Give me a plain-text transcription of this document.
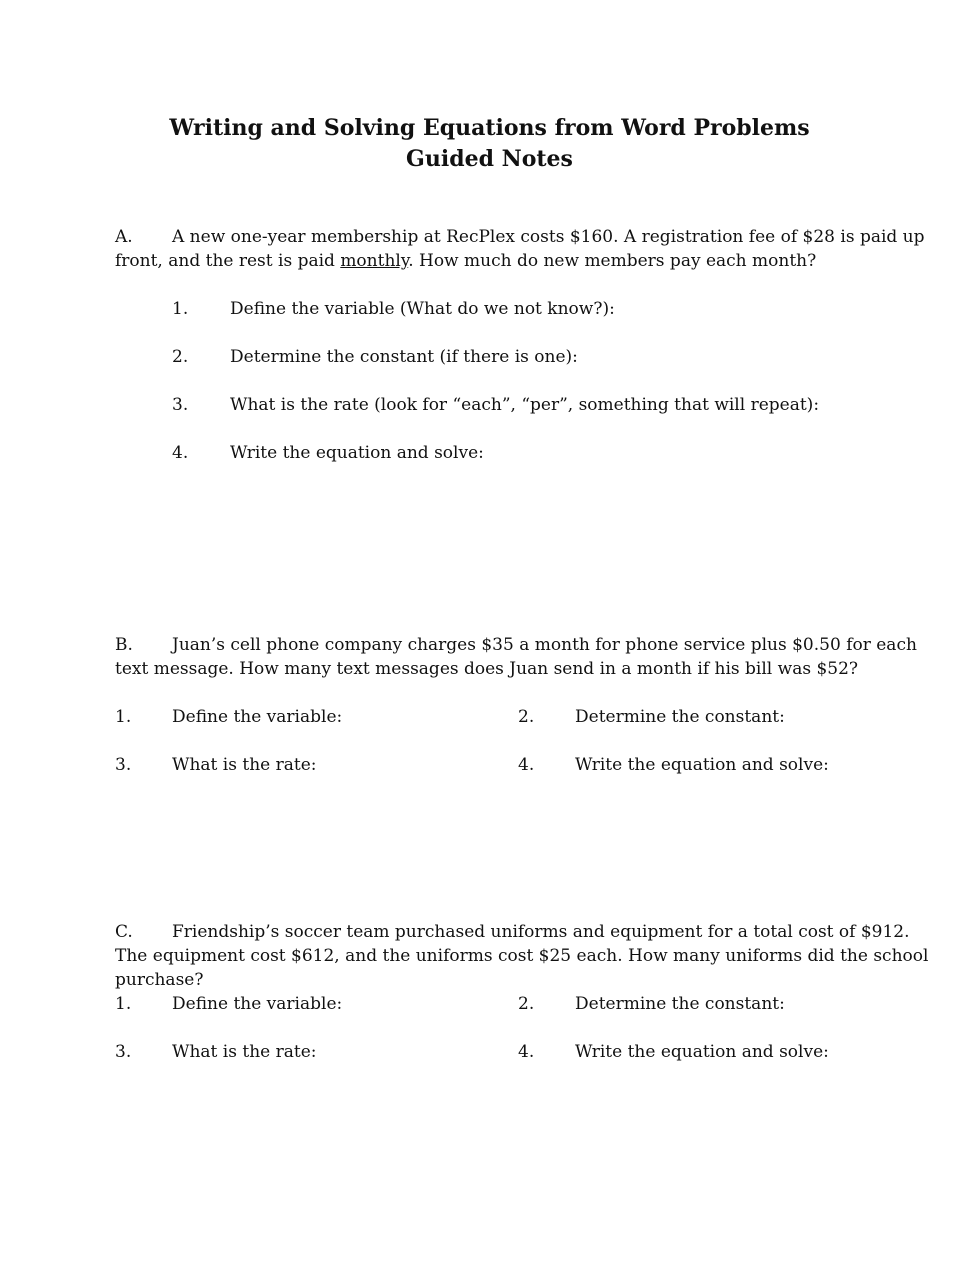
Writing and Solving Equations from Word Problems
Guided Notes
A. A new one-year membership at RecPlex costs $160. A registration fee of $28 is paid up
front, and the rest is paid monthly. How much do new members pay each month?
1. Define the variable (What do we not know?):
2. Determine the constant (if there is one):
3. What is the rate (look for “each”, “per”, something that will repeat):
4. Write the equation and solve:
B. Juan’s cell phone company charges $35 a month for phone service plus $0.50 for each
text message. How many text messages does Juan send in a month if his bill was $52?
1. Define the variable:	2. Determine the constant:
3. What is the rate:	4. Write the equation and solve:
C. Friendship’s soccer team purchased uniforms and equipment for a total cost of $912.
The equipment cost $612, and the uniforms cost $25 each. How many uniforms did the school
purchase?
1. Define the variable:	2. Determine the constant:
3. What is the rate:	4. Write the equation and solve:
